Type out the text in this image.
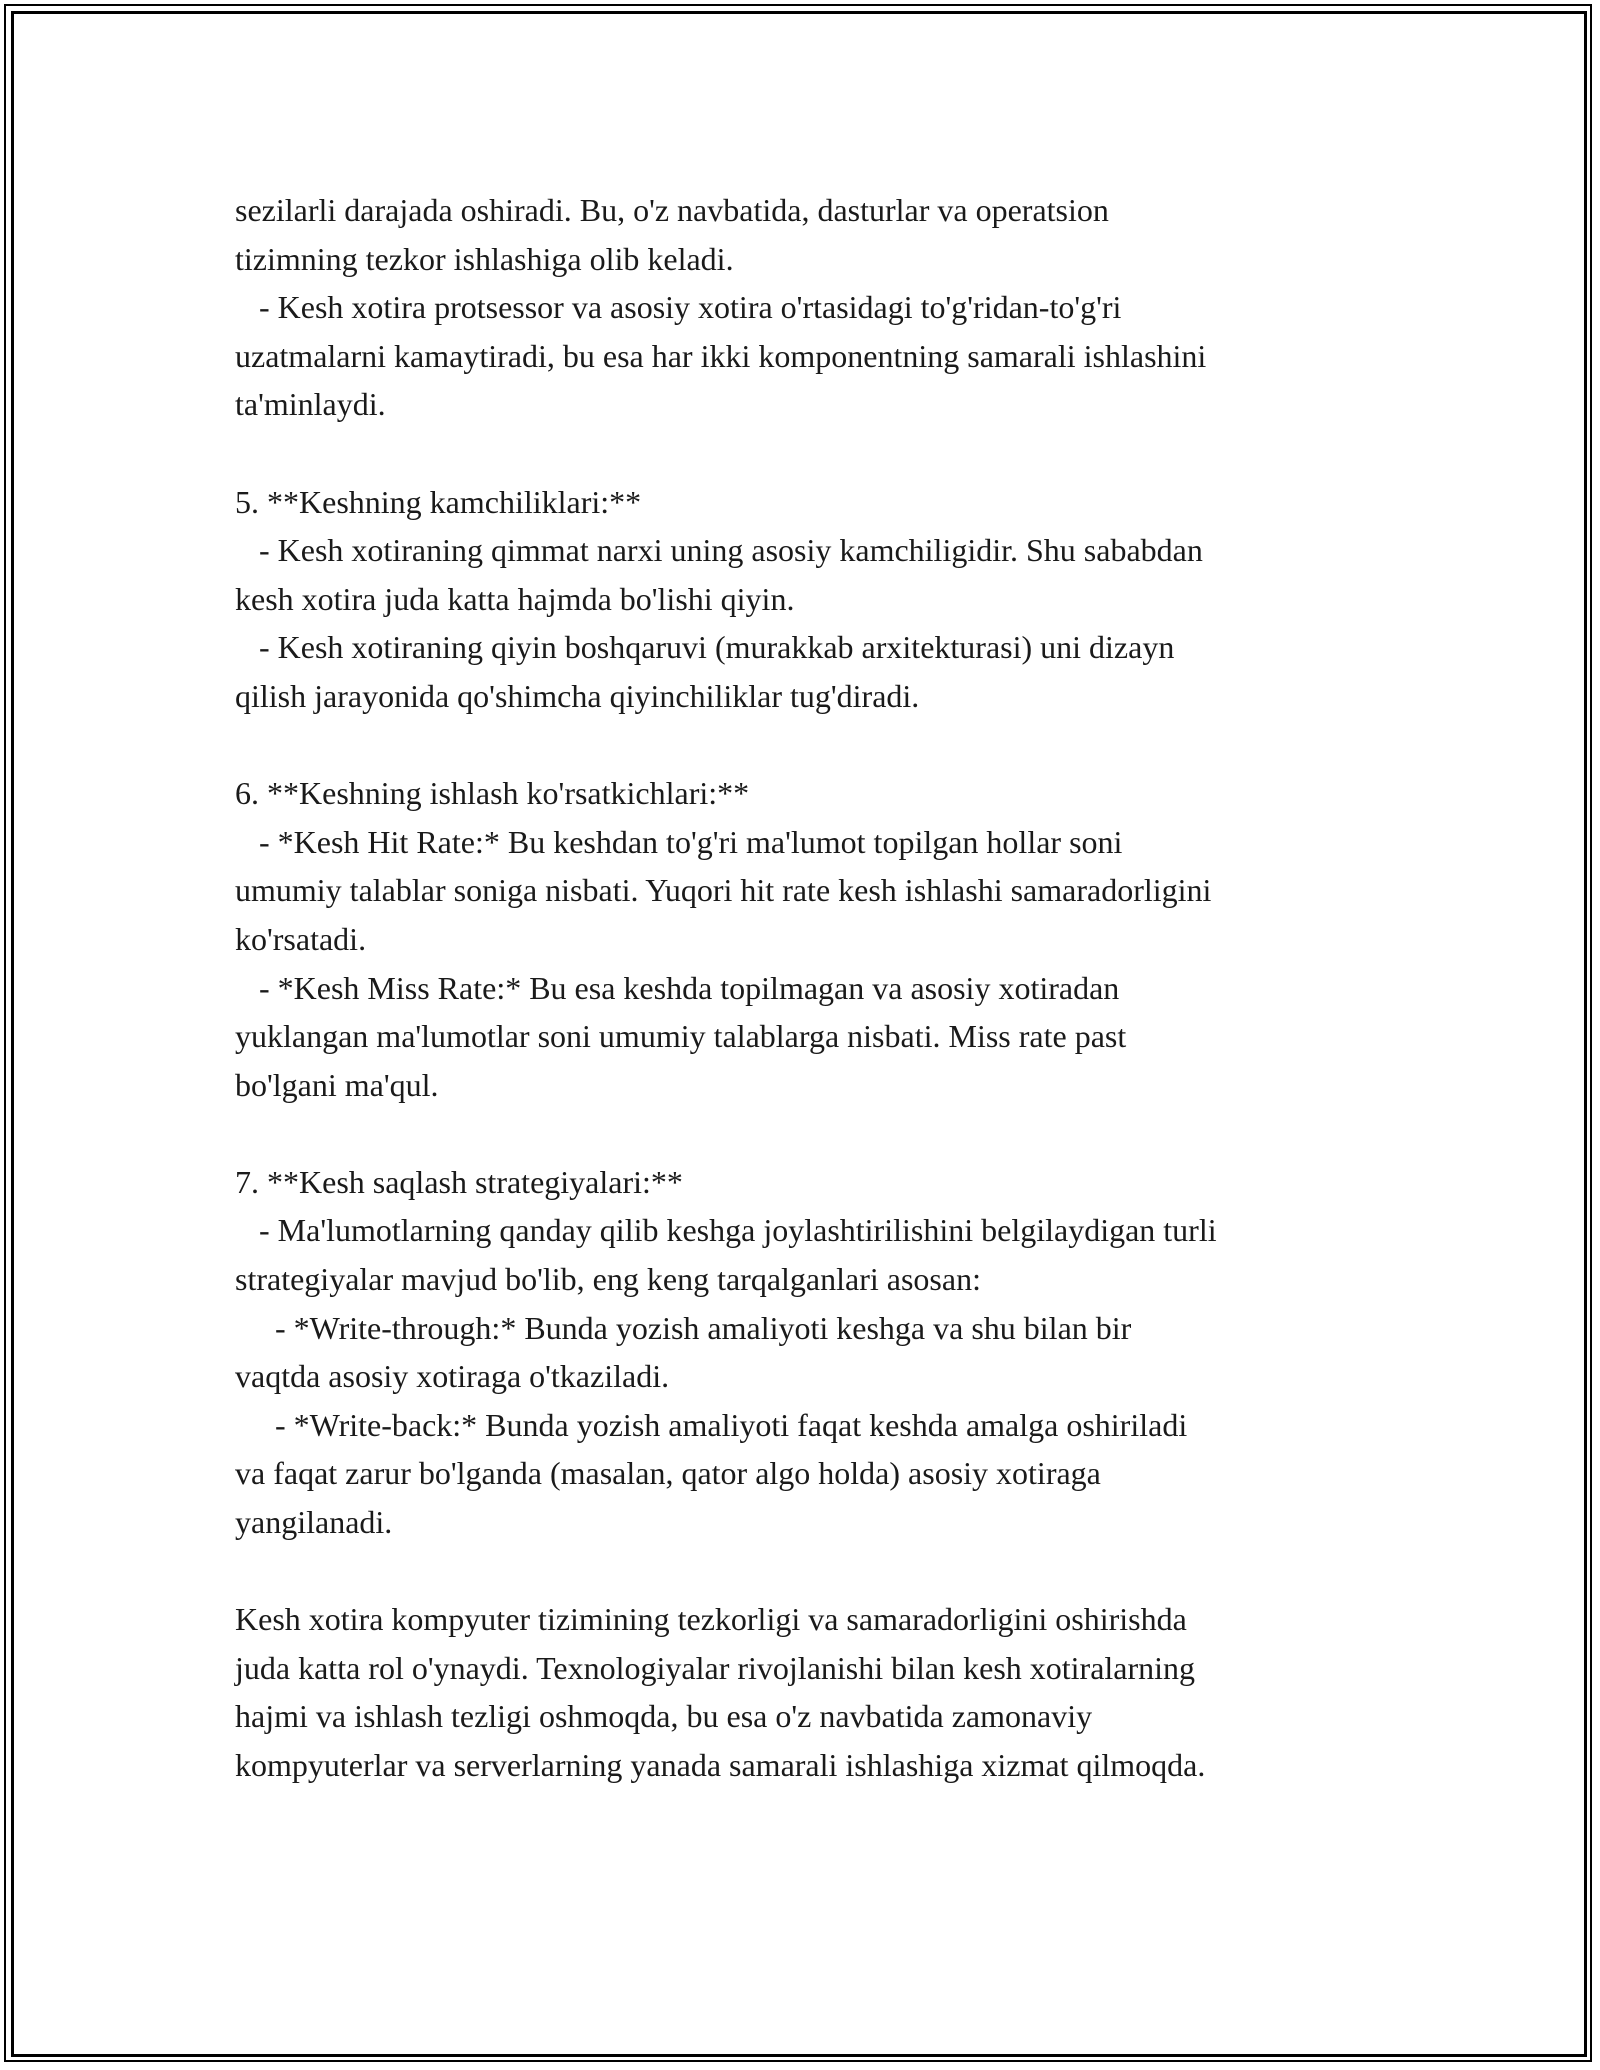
sezilarli darajada oshiradi. Bu, o'z navbatida, dasturlar va operatsion
tizimning tezkor ishlashiga olib keladi.
- Kesh xotira protsessor va asosiy xotira o'rtasidagi to'g'ridan-to'g'ri
uzatmalarni kamaytiradi, bu esa har ikki komponentning samarali ishlashini
ta'minlaydi.
5. **Keshning kamchiliklari:**
- Kesh xotiraning qimmat narxi uning asosiy kamchiligidir. Shu sababdan
kesh xotira juda katta hajmda bo'lishi qiyin.
- Kesh xotiraning qiyin boshqaruvi (murakkab arxitekturasi) uni dizayn
qilish jarayonida qo'shimcha qiyinchiliklar tug'diradi.
6. **Keshning ishlash ko'rsatkichlari:**
- *Kesh Hit Rate:* Bu keshdan to'g'ri ma'lumot topilgan hollar soni
umumiy talablar soniga nisbati. Yuqori hit rate kesh ishlashi samaradorligini
ko'rsatadi.
- *Kesh Miss Rate:* Bu esa keshda topilmagan va asosiy xotiradan
yuklangan ma'lumotlar soni umumiy talablarga nisbati. Miss rate past
bo'lgani ma'qul.
7. **Kesh saqlash strategiyalari:**
- Ma'lumotlarning qanday qilib keshga joylashtirilishini belgilaydigan turli
strategiyalar mavjud bo'lib, eng keng tarqalganlari asosan:
- *Write-through:* Bunda yozish amaliyoti keshga va shu bilan bir
vaqtda asosiy xotiraga o'tkaziladi.
- *Write-back:* Bunda yozish amaliyoti faqat keshda amalga oshiriladi
va faqat zarur bo'lganda (masalan, qator algo holda) asosiy xotiraga
yangilanadi.
Kesh xotira kompyuter tizimining tezkorligi va samaradorligini oshirishda
juda katta rol o'ynaydi. Texnologiyalar rivojlanishi bilan kesh xotiralarning
hajmi va ishlash tezligi oshmoqda, bu esa o'z navbatida zamonaviy
kompyuterlar va serverlarning yanada samarali ishlashiga xizmat qilmoqda.
